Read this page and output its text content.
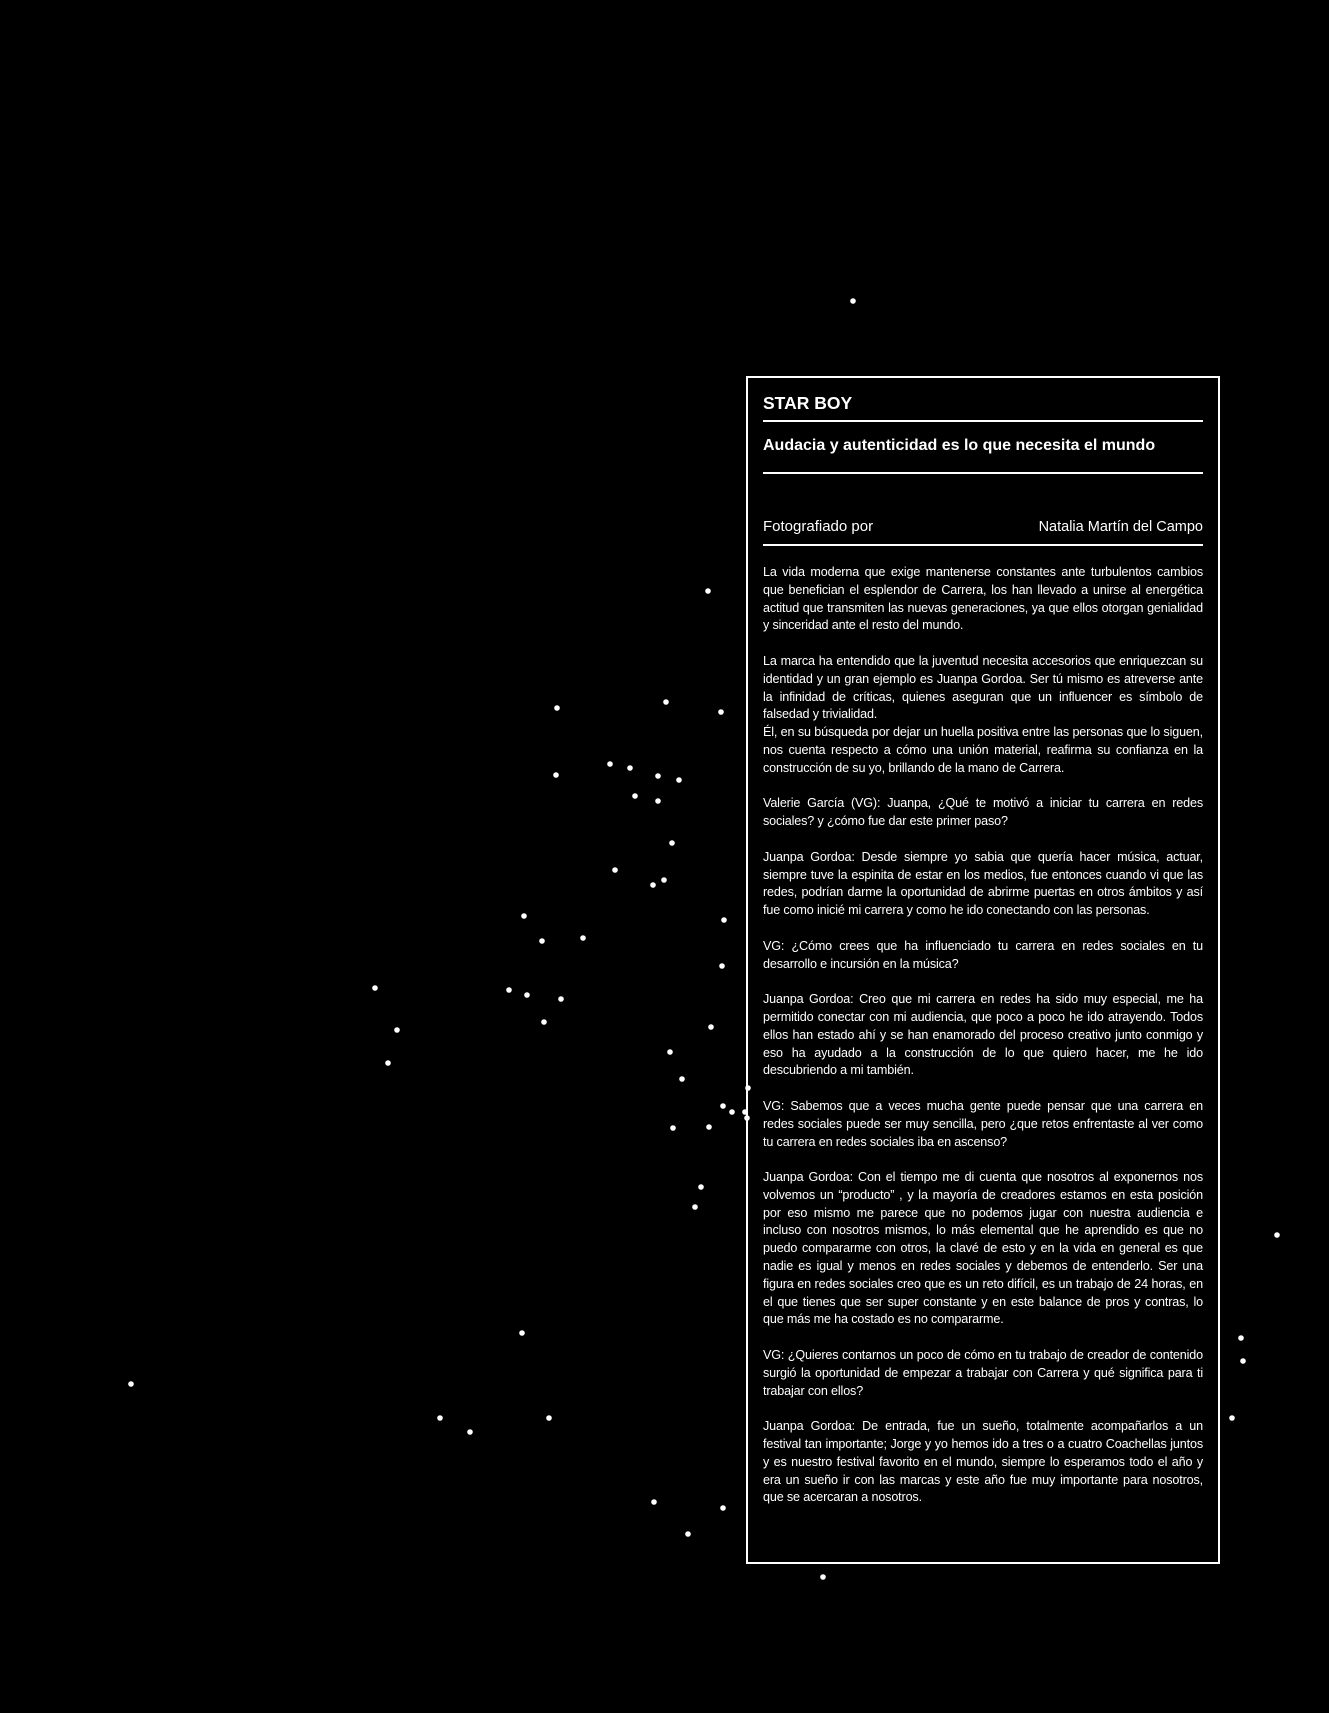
STAR BOY

Audacia y autenticidad es lo que necesita el mundo

Fotografiado por	Natalia Martín del Campo

La vida moderna que exige mantenerse constantes ante turbulentos cambios que benefician el esplendor de Carrera, los han llevado a unirse al energética actitud que transmiten las nuevas generaciones, ya que ellos otorgan genialidad y sinceridad ante el resto del mundo.

La marca ha entendido que la juventud necesita accesorios que enriquezcan su identidad y un gran ejemplo es Juanpa Gordoa. Ser tú mismo es atreverse ante la infinidad de críticas, quienes aseguran que un influencer es símbolo de falsedad y trivialidad.

Él, en su búsqueda por dejar un huella positiva entre las personas que lo siguen, nos cuenta respecto a cómo una unión material, reafirma su confianza en la construcción de su yo, brillando de la mano de Carrera.

Valerie García (VG): Juanpa, ¿Qué te motivó a iniciar tu carrera en redes sociales? y ¿cómo fue dar este primer paso?

Juanpa Gordoa: Desde siempre yo sabia que quería hacer música, actuar, siempre tuve la espinita de estar en los medios, fue entonces cuando vi que las redes, podrían darme la oportunidad de abrirme puertas en otros ámbitos y así fue como inicié mi carrera y como he ido conectando con las personas.

VG: ¿Cómo crees que ha influenciado tu carrera en redes sociales en tu desarrollo e incursión en la música?

Juanpa Gordoa: Creo que mi carrera en redes ha sido muy especial, me ha permitido conectar con mi audiencia, que poco a poco he ido atrayendo. Todos ellos han estado ahí y se han enamorado del proceso creativo junto conmigo y eso ha ayudado a la construcción de lo que quiero hacer, me he ido descubriendo a mi también.

VG: Sabemos que a veces mucha gente puede pensar que una carrera en redes sociales puede ser muy sencilla, pero ¿que retos enfrentaste al ver como tu carrera en redes sociales iba en ascenso?

Juanpa Gordoa: Con el tiempo me di cuenta que nosotros al exponernos nos volvemos un “producto” , y la mayoría de creadores estamos en esta posición por eso mismo me parece que no podemos jugar con nuestra audiencia e incluso con nosotros mismos, lo más elemental que he aprendido es que no puedo compararme con otros, la clavé de esto y en la vida en general es que nadie es igual y menos en redes sociales y debemos de entenderlo. Ser una figura en redes sociales creo que es un reto difícil, es un trabajo de 24 horas, en el que tienes que ser super constante y en este balance de pros y contras, lo que más me ha costado es no compararme.

VG: ¿Quieres contarnos un poco de cómo en tu trabajo de creador de contenido surgió la oportunidad de empezar a trabajar con Carrera y qué significa para ti trabajar con ellos?

Juanpa Gordoa: De entrada, fue un sueño, totalmente acompañarlos a un festival tan importante; Jorge y yo hemos ido a tres o a cuatro Coachellas juntos y es nuestro festival favorito en el mundo, siempre lo esperamos todo el año y era un sueño ir con las marcas y este año fue muy importante para nosotros, que se acercaran a nosotros.
